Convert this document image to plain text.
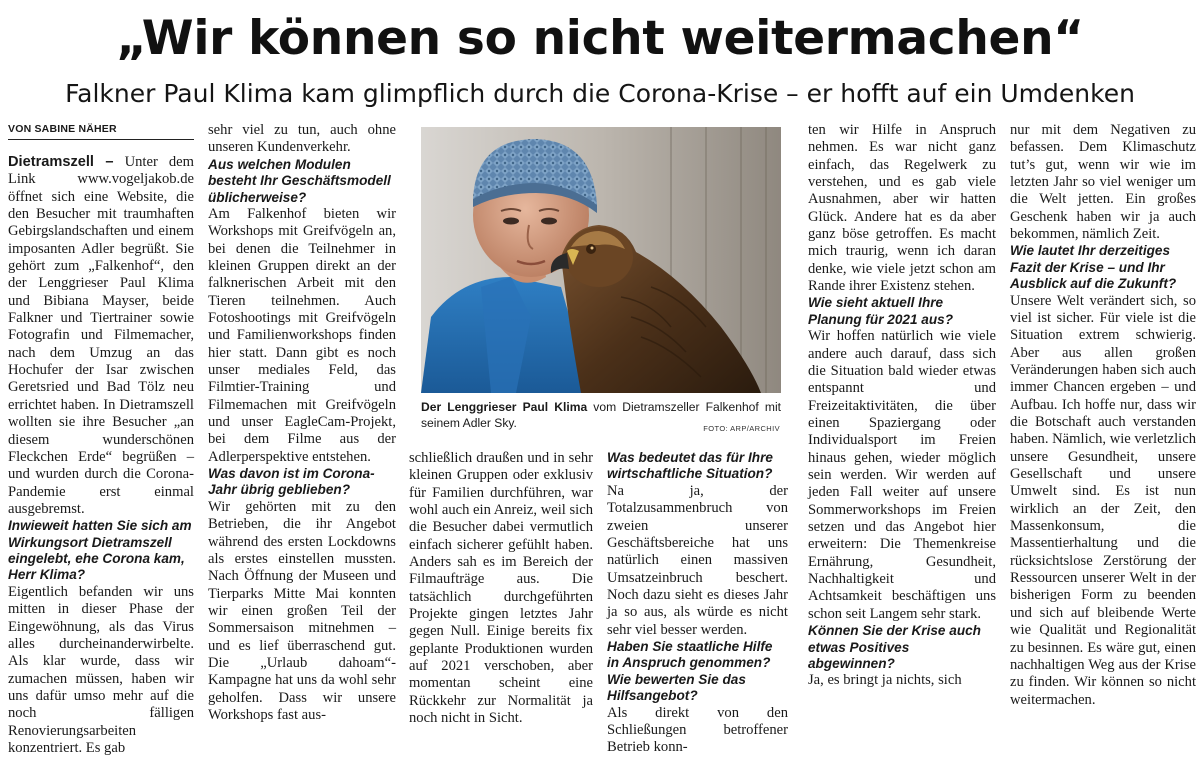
„Wir können so nicht weitermachen“
Falkner Paul Klima kam glimpflich durch die Corona-Krise – er hofft auf ein Umdenken
VON SABINE NÄHER

Dietramszell – Unter dem Link www.vogeljakob.de öffnet sich eine Website, die den Besucher mit traumhaften Gebirgslandschaften und einem imposanten Adler begrüßt. Sie gehört zum „Falkenhof“, den der Lenggrieser Paul Klima und Bibiana Mayser, beide Falkner und Tiertrainer sowie Fotografin und Filmemacher, nach dem Umzug an das Hochufer der Isar zwischen Geretsried und Bad Tölz neu errichtet haben. In Dietramszell wollten sie ihre Besucher „an diesem wunderschönen Fleckchen Erde“ begrüßen – und wurden durch die Corona-Pandemie erst einmal ausgebremst.

Inwieweit hatten Sie sich am Wirkungsort Dietramszell eingelebt, ehe Corona kam, Herr Klima?

Eigentlich befanden wir uns mitten in dieser Phase der Eingewöhnung, als das Virus alles durcheinanderwirbelte. Als klar wurde, dass wir zumachen müssen, haben wir uns dafür umso mehr auf die noch fälligen Renovierungsarbeiten konzentriert. Es gab

sehr viel zu tun, auch ohne unseren Kundenverkehr.

Aus welchen Modulen besteht Ihr Geschäftsmodell üblicherweise?

Am Falkenhof bieten wir Workshops mit Greifvögeln an, bei denen die Teilnehmer in kleinen Gruppen direkt an der falknerischen Arbeit mit den Tieren teilnehmen. Auch Fotoshootings mit Greifvögeln und Familienworkshops finden hier statt. Dann gibt es noch unser mediales Feld, das Filmtier-Training und Filmemachen mit Greifvögeln und unser EagleCam-Projekt, bei dem Filme aus der Adlerperspektive entstehen.

Was davon ist im Corona-Jahr übrig geblieben?

Wir gehörten mit zu den Betrieben, die ihr Angebot während des ersten Lockdowns als erstes einstellen mussten. Nach Öffnung der Museen und Tierparks Mitte Mai konnten wir einen großen Teil der Sommersaison mitnehmen – und es lief überraschend gut. Die „Urlaub dahoam“-Kampagne hat uns da wohl sehr geholfen. Dass wir unsere Workshops fast aus-

Der Lenggrieser Paul Klima vom Dietramszeller Falkenhof mit seinem Adler Sky.	FOTO: ARP/ARCHIV

schließlich draußen und in sehr kleinen Gruppen oder exklusiv für Familien durchführen, war wohl auch ein Anreiz, weil sich die Besucher dabei vermutlich einfach sicherer gefühlt haben. Anders sah es im Bereich der Filmaufträge aus. Die tatsächlich durchgeführten Projekte gingen letztes Jahr gegen Null. Einige bereits fix geplante Produktionen wurden auf 2021 verschoben, aber momentan scheint eine Rückkehr zur Normalität ja noch nicht in Sicht.

Was bedeutet das für Ihre wirtschaftliche Situation?

Na ja, der Totalzusammenbruch von zweien unserer Geschäftsbereiche hat uns natürlich einen massiven Umsatzeinbruch beschert. Noch dazu sieht es dieses Jahr ja so aus, als würde es nicht sehr viel besser werden.

Haben Sie staatliche Hilfe in Anspruch genommen? Wie bewerten Sie das Hilfsangebot?

Als direkt von den Schließungen betroffener Betrieb konn-

ten wir Hilfe in Anspruch nehmen. Es war nicht ganz einfach, das Regelwerk zu verstehen, und es gab viele Ausnahmen, aber wir hatten Glück. Andere hat es da aber ganz böse getroffen. Es macht mich traurig, wenn ich daran denke, wie viele jetzt schon am Rande ihrer Existenz stehen.

Wie sieht aktuell Ihre Planung für 2021 aus?

Wir hoffen natürlich wie viele andere auch darauf, dass sich die Situation bald wieder etwas entspannt und Freizeitaktivitäten, die über einen Spaziergang oder Individualsport im Freien hinaus gehen, wieder möglich sein werden. Wir werden auf jeden Fall weiter auf unsere Sommerworkshops im Freien setzen und das Angebot hier erweitern: Die Themenkreise Ernährung, Gesundheit, Nachhaltigkeit und Achtsamkeit beschäftigen uns schon seit Langem sehr stark.

Können Sie der Krise auch etwas Positives abgewinnen?

Ja, es bringt ja nichts, sich

nur mit dem Negativen zu befassen. Dem Klimaschutz tut’s gut, wenn wir wie im letzten Jahr so viel weniger um die Welt jetten. Ein großes Geschenk haben wir ja auch bekommen, nämlich Zeit.

Wie lautet Ihr derzeitiges Fazit der Krise – und Ihr Ausblick auf die Zukunft?

Unsere Welt verändert sich, so viel ist sicher. Für viele ist die Situation extrem schwierig. Aber aus allen großen Veränderungen haben sich auch immer Chancen ergeben – und Aufbau. Ich hoffe nur, dass wir die Botschaft auch verstanden haben. Nämlich, wie verletzlich unsere Gesundheit, unsere Gesellschaft und unsere Umwelt sind. Es ist nun wirklich an der Zeit, den Massenkonsum, die Massentierhaltung und die rücksichtslose Zerstörung der Ressourcen unserer Welt in der bisherigen Form zu beenden und sich auf bleibende Werte wie Qualität und Regionalität zu besinnen. Es wäre gut, einen nachhaltigen Weg aus der Krise zu finden. Wir können so nicht weitermachen.
